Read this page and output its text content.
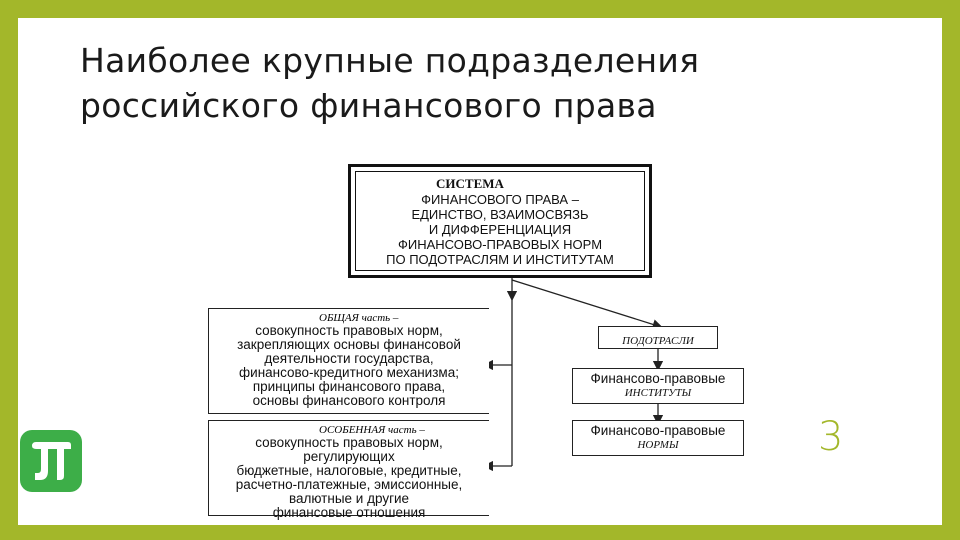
Наиболее крупные подразделения
российского финансового права
СИСТЕМА
ФИНАНСОВОГО ПРАВА –
ЕДИНСТВО, ВЗАИМОСВЯЗЬ
И ДИФФЕРЕНЦИАЦИЯ
ФИНАНСОВО-ПРАВОВЫХ НОРМ
ПО ПОДОТРАСЛЯМ И ИНСТИТУТАМ
ОБЩАЯ часть –
совокупность правовых норм,
закрепляющих основы финансовой
деятельности государства,
финансово-кредитного механизма;
принципы финансового права,
основы финансового контроля
ОСОБЕННАЯ часть –
совокупность правовых норм,
регулирующих
бюджетные, налоговые, кредитные,
расчетно-платежные, эмиссионные,
валютные и другие
финансовые отношения
ПОДОТРАСЛИ
Финансово-правовые
ИНСТИТУТЫ
Финансово-правовые
НОРМЫ	3
